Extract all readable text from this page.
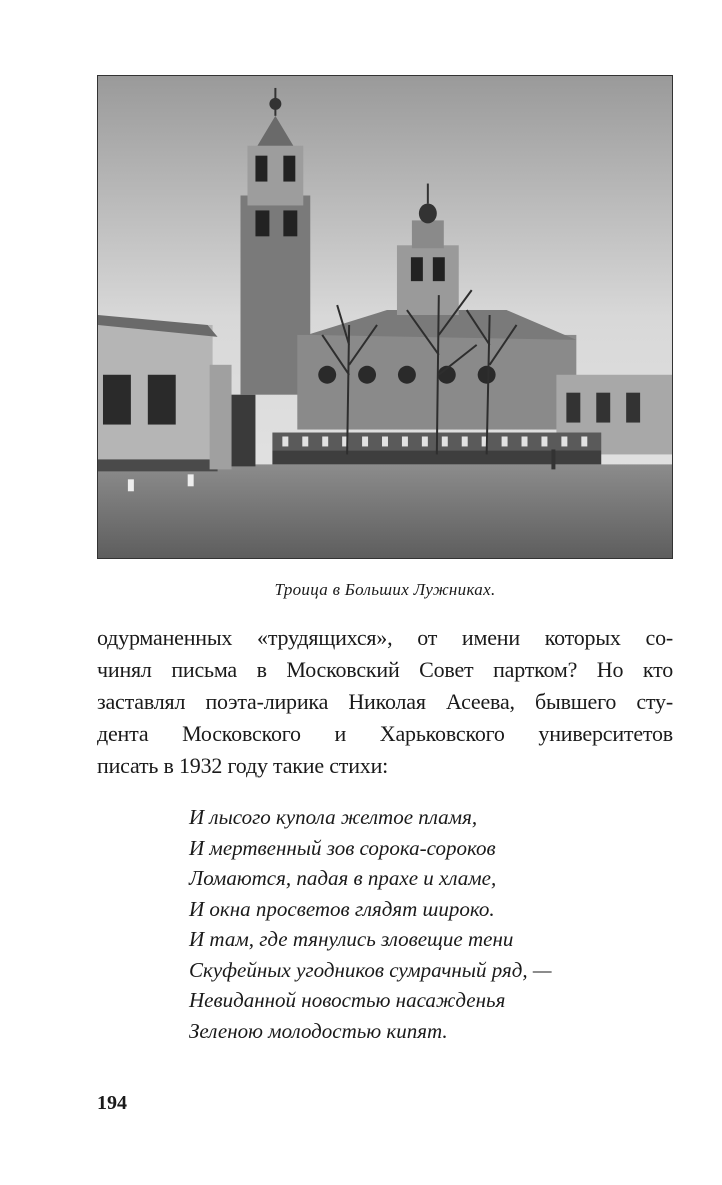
Троица в Больших Лужниках.
одурманенных «трудящихся», от имени которых со-
чинял письма в Московский Совет партком? Но кто
заставлял поэта-лирика Николая Асеева, бывшего сту-
дента Московского и Харьковского университетов
писать в 1932 году такие стихи:
И лысого купола желтое пламя,
И мертвенный зов сорока-сороков
Ломаются, падая в прахе и хламе,
И окна просветов глядят широко.
И там, где тянулись зловещие тени
Скуфейных угодников сумрачный ряд, —
Невиданной новостью насажденья
Зеленою молодостью кипят.
194
